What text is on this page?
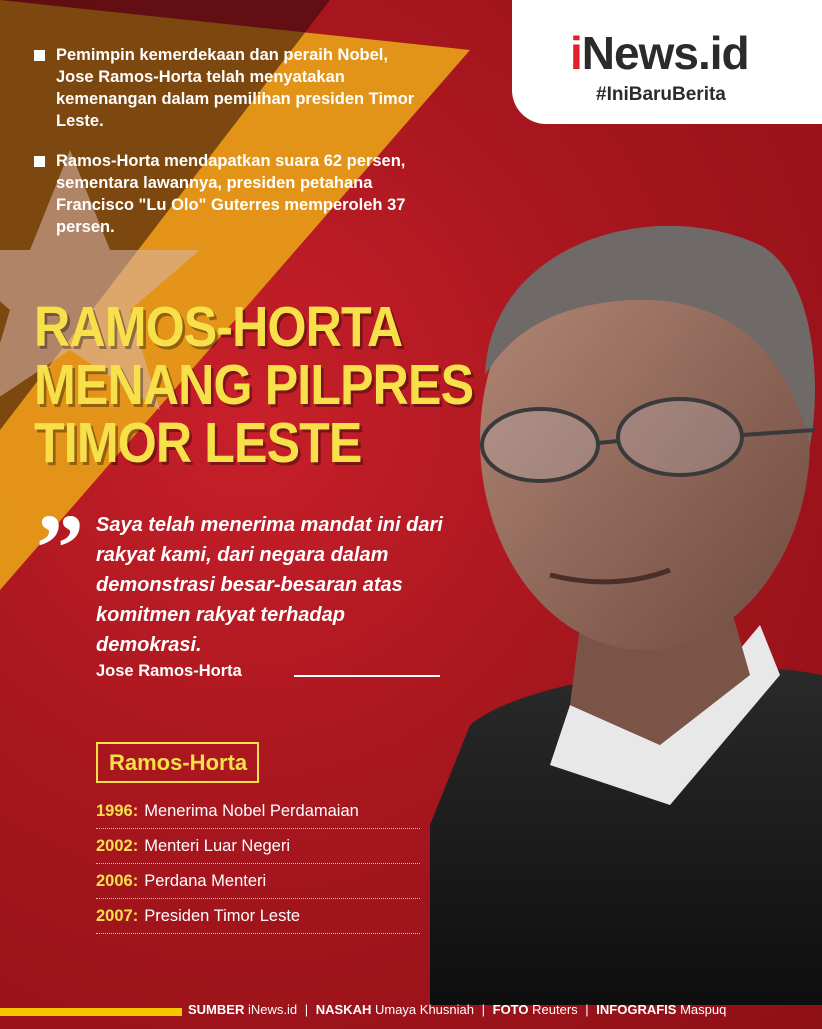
iNews.id
#IniBaruBerita
Pemimpin kemerdekaan dan peraih Nobel, Jose Ramos-Horta telah menyatakan kemenangan dalam pemilihan presiden Timor Leste.
Ramos-Horta mendapatkan suara 62 persen, sementara lawannya, presiden petahana Francisco "Lu Olo" Guterres memperoleh 37 persen.
RAMOS-HORTA
MENANG PILPRES
TIMOR LESTE
” Saya telah menerima mandat ini dari rakyat kami, dari negara dalam demonstrasi besar-besaran atas komitmen rakyat terhadap demokrasi.
Jose Ramos-Horta
Ramos-Horta
1996: Menerima Nobel Perdamaian
2002: Menteri Luar Negeri
2006: Perdana Menteri
2007: Presiden Timor Leste
SUMBER iNews.id | NASKAH Umaya Khusniah | FOTO Reuters | INFOGRAFIS Maspuq
